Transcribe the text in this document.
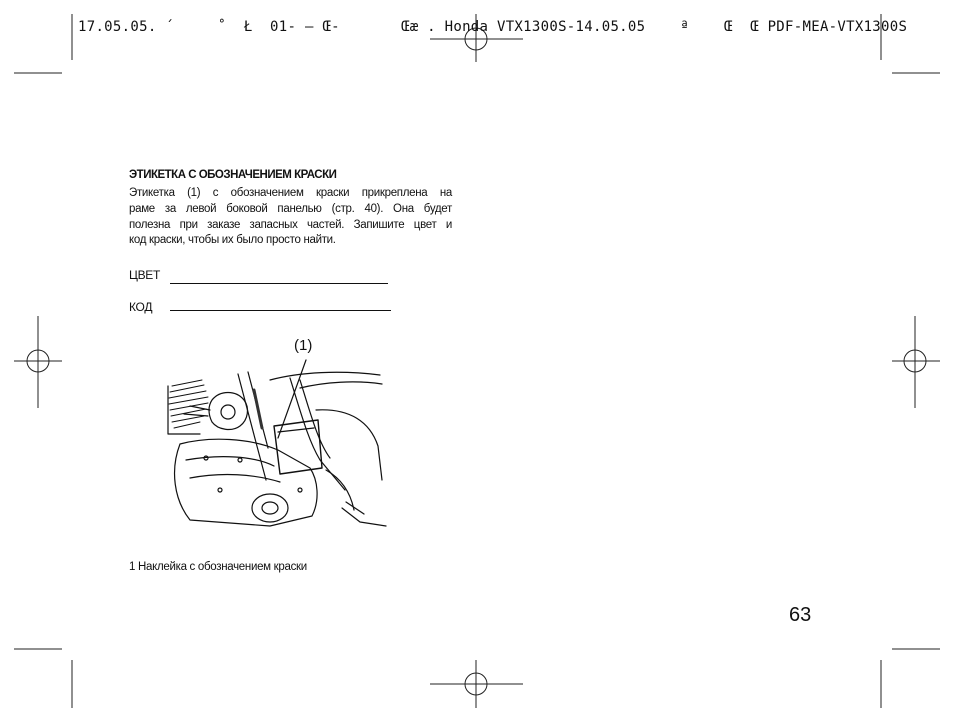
17.05.05. ´     ˚  Ł  01- — Œ-       Œæ . Honda VTX1300S-14.05.05    ª    Œ  Œ PDF-MEA-VTX1300S
ЭТИКЕТКА С ОБОЗНАЧЕНИЕМ КРАСКИ
Этикетка (1) с обозначением краски прикреплена на
раме за левой боковой панелью (стр. 40). Она будет
полезна при заказе запасных частей. Запишите цвет и
код краски, чтобы их было просто найти.
ЦВЕТ
КОД
(1)
1 Наклейка с обозначением краски
63
